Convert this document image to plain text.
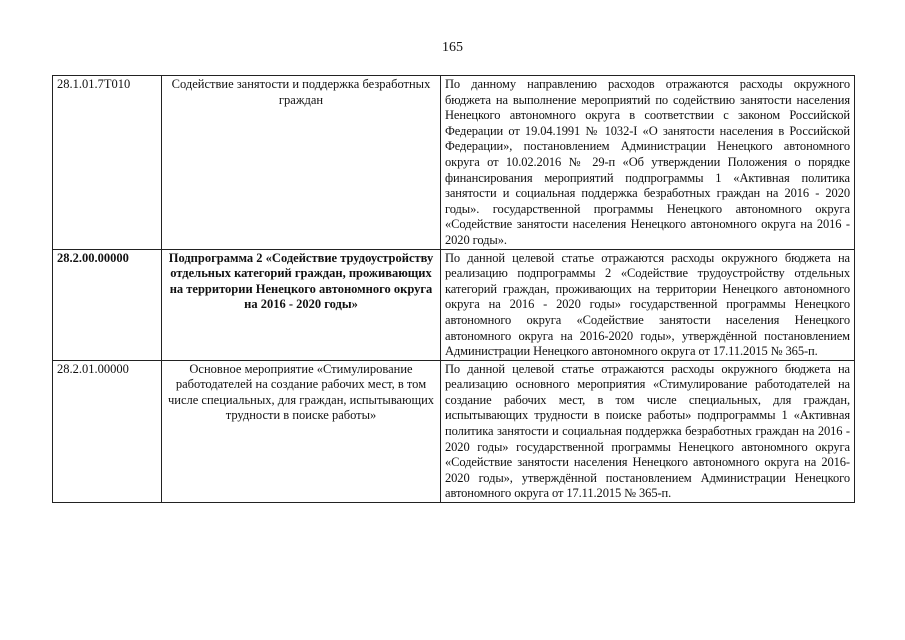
165
28.1.01.7Т010	Содействие занятости и поддержка безработных граждан	По данному направлению расходов отражаются расходы окружного бюджета на выполнение мероприятий по содействию занятости населения Ненецкого автономного округа в соответствии с законом Российской Федерации от 19.04.1991 № 1032-I «О занятости населения в Российской Федерации», постановлением Администрации Ненецкого автономного округа от 10.02.2016 № 29-п «Об утверждении Положения о порядке финансирования мероприятий подпрограммы 1 «Активная политика занятости и социальная поддержка безработных граждан на 2016 - 2020 годы». государственной программы Ненецкого автономного округа «Содействие занятости населения Ненецкого автономного округа на 2016 - 2020 годы».
28.2.00.00000	Подпрограмма 2 «Содействие трудоустройству отдельных категорий граждан, проживающих на территории Ненецкого автономного округа на 2016 - 2020 годы»	По данной целевой статье отражаются расходы окружного бюджета на реализацию подпрограммы 2 «Содействие трудоустройству отдельных категорий граждан, проживающих на территории Ненецкого автономного округа на 2016 - 2020 годы» государственной программы Ненецкого автономного округа «Содействие занятости населения Ненецкого автономного округа на 2016-2020 годы», утверждённой постановлением Администрации Ненецкого автономного округа от 17.11.2015 № 365-п.
28.2.01.00000	Основное мероприятие «Стимулирование работодателей на создание рабочих мест, в том числе специальных, для граждан, испытывающих трудности в поиске работы»	По данной целевой статье отражаются расходы окружного бюджета на реализацию основного мероприятия «Стимулирование работодателей на создание рабочих мест, в том числе специальных, для граждан, испытывающих трудности в поиске работы» подпрограммы 1 «Активная политика занятости и социальная поддержка безработных граждан на 2016 - 2020 годы» государственной программы Ненецкого автономного округа «Содействие занятости населения Ненецкого автономного округа на 2016-2020 годы», утверждённой постановлением Администрации Ненецкого автономного округа от 17.11.2015 № 365-п.
